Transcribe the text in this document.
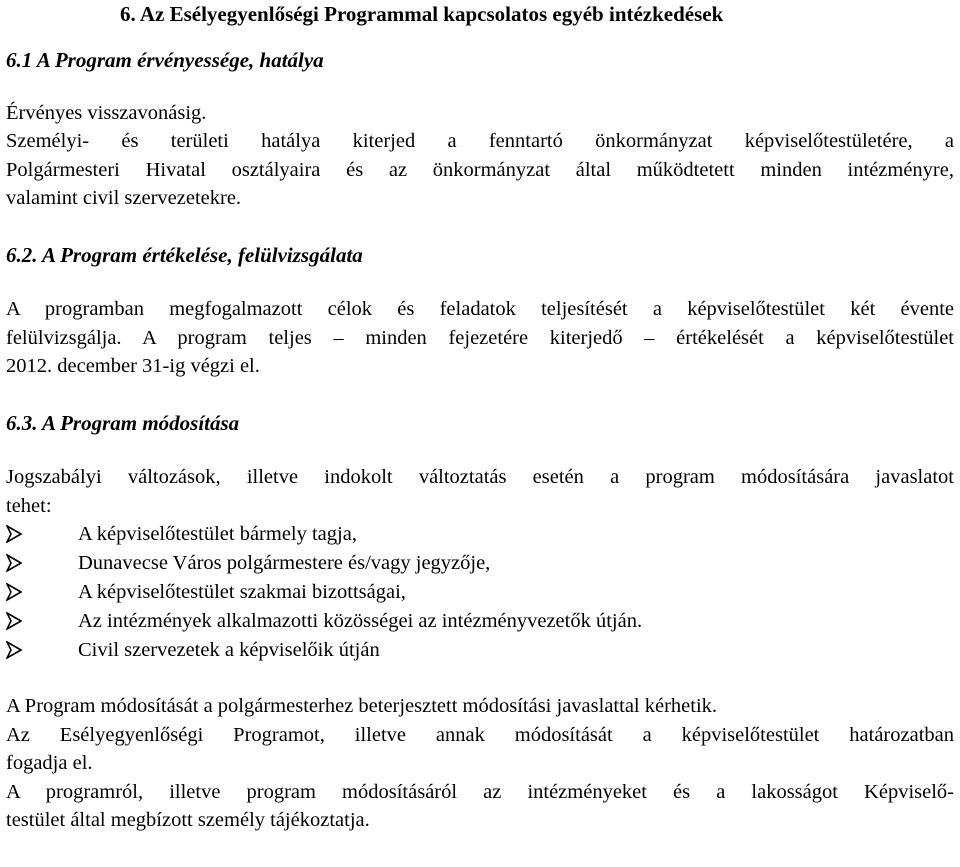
6. Az Esélyegyenlőségi Programmal kapcsolatos egyéb intézkedések
6.1 A Program érvényessége, hatálya
Érvényes visszavonásig.
Személyi- és területi hatálya kiterjed a fenntartó önkormányzat képviselőtestületére, a
Polgármesteri Hivatal osztályaira és az önkormányzat által működtetett minden intézményre,
valamint civil szervezetekre.
6.2. A Program értékelése, felülvizsgálata
A programban megfogalmazott célok és feladatok teljesítését a képviselőtestület két évente
felülvizsgálja. A program teljes – minden fejezetére kiterjedő – értékelését a képviselőtestület
2012. december 31-ig végzi el.
6.3. A Program módosítása
Jogszabályi változások, illetve indokolt változtatás esetén a program módosítására javaslatot
tehet:
A képviselőtestület bármely tagja,
Dunavecse Város polgármestere és/vagy jegyzője,
A képviselőtestület szakmai bizottságai,
Az intézmények alkalmazotti közösségei az intézményvezetők útján.
Civil szervezetek a képviselőik útján
A Program módosítását a polgármesterhez beterjesztett módosítási javaslattal kérhetik.
Az Esélyegyenlőségi Programot, illetve annak módosítását a képviselőtestület határozatban
fogadja el.
A programról, illetve program módosításáról az intézményeket és a lakosságot Képviselő-
testület által megbízott személy tájékoztatja.
